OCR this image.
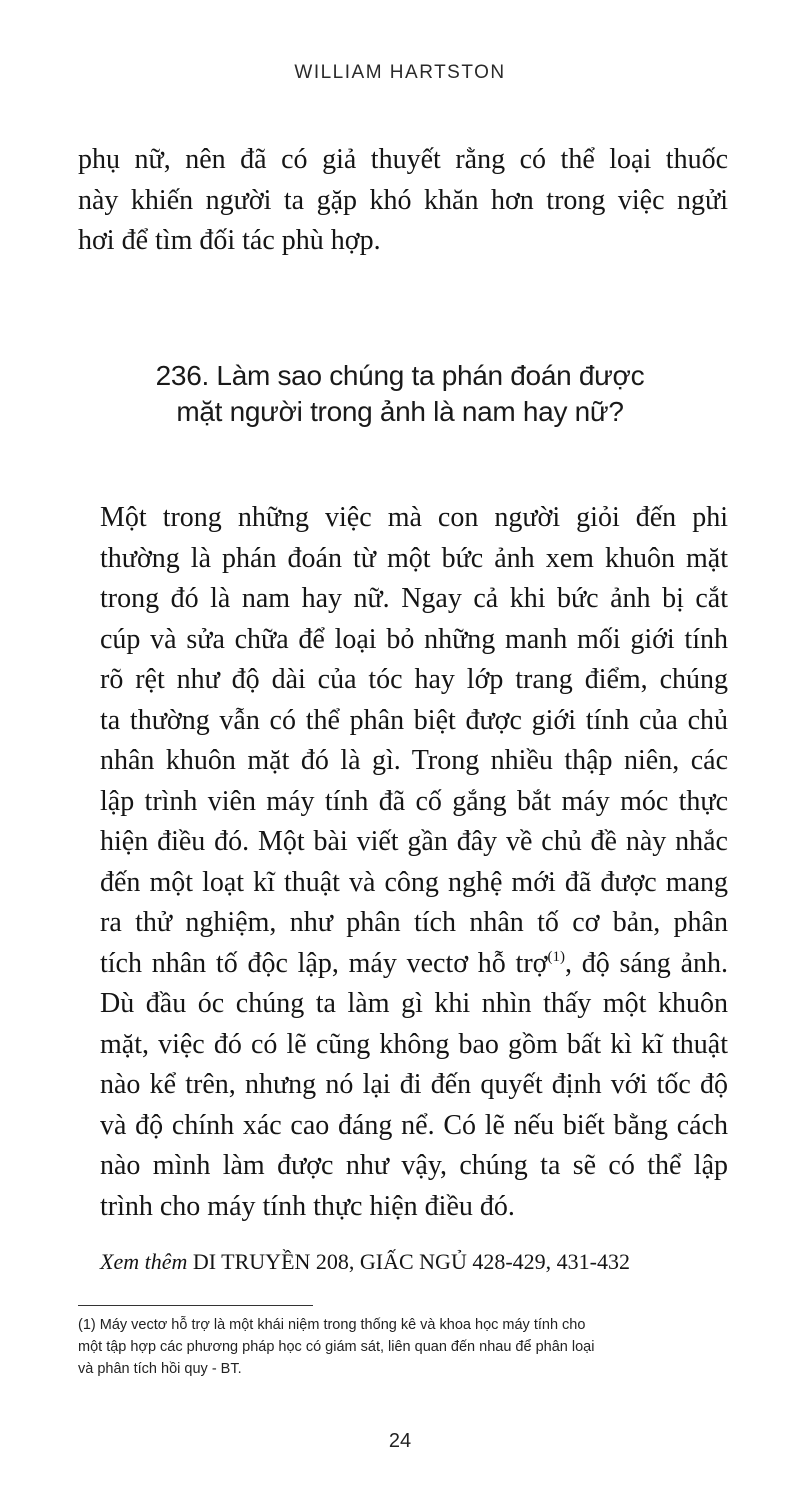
WILLIAM HARTSTON

phụ nữ, nên đã có giả thuyết rằng có thể loại thuốc
này khiến người ta gặp khó khăn hơn trong việc ngửi
hơi để tìm đối tác phù hợp.

236. Làm sao chúng ta phán đoán được
mặt người trong ảnh là nam hay nữ?

Một trong những việc mà con người giỏi đến phi
thường là phán đoán từ một bức ảnh xem khuôn mặt
trong đó là nam hay nữ. Ngay cả khi bức ảnh bị cắt
cúp và sửa chữa để loại bỏ những manh mối giới tính
rõ rệt như độ dài của tóc hay lớp trang điểm, chúng
ta thường vẫn có thể phân biệt được giới tính của chủ
nhân khuôn mặt đó là gì. Trong nhiều thập niên, các
lập trình viên máy tính đã cố gắng bắt máy móc thực
hiện điều đó. Một bài viết gần đây về chủ đề này nhắc
đến một loạt kĩ thuật và công nghệ mới đã được mang
ra thử nghiệm, như phân tích nhân tố cơ bản, phân
tích nhân tố độc lập, máy vectơ hỗ trợ$^{(1)}$, độ sáng ảnh.
Dù đầu óc chúng ta làm gì khi nhìn thấy một khuôn
mặt, việc đó có lẽ cũng không bao gồm bất kì kĩ thuật
nào kể trên, nhưng nó lại đi đến quyết định với tốc độ
và độ chính xác cao đáng nể. Có lẽ nếu biết bằng cách
nào mình làm được như vậy, chúng ta sẽ có thể lập
trình cho máy tính thực hiện điều đó.

Xem thêm DI TRUYỀN 208, GIẤC NGỦ 428-429, 431-432

(1) Máy vectơ hỗ trợ là một khái niệm trong thống kê và khoa học máy tính cho
một tập hợp các phương pháp học có giám sát, liên quan đến nhau để phân loại
và phân tích hồi quy - BT.

24
